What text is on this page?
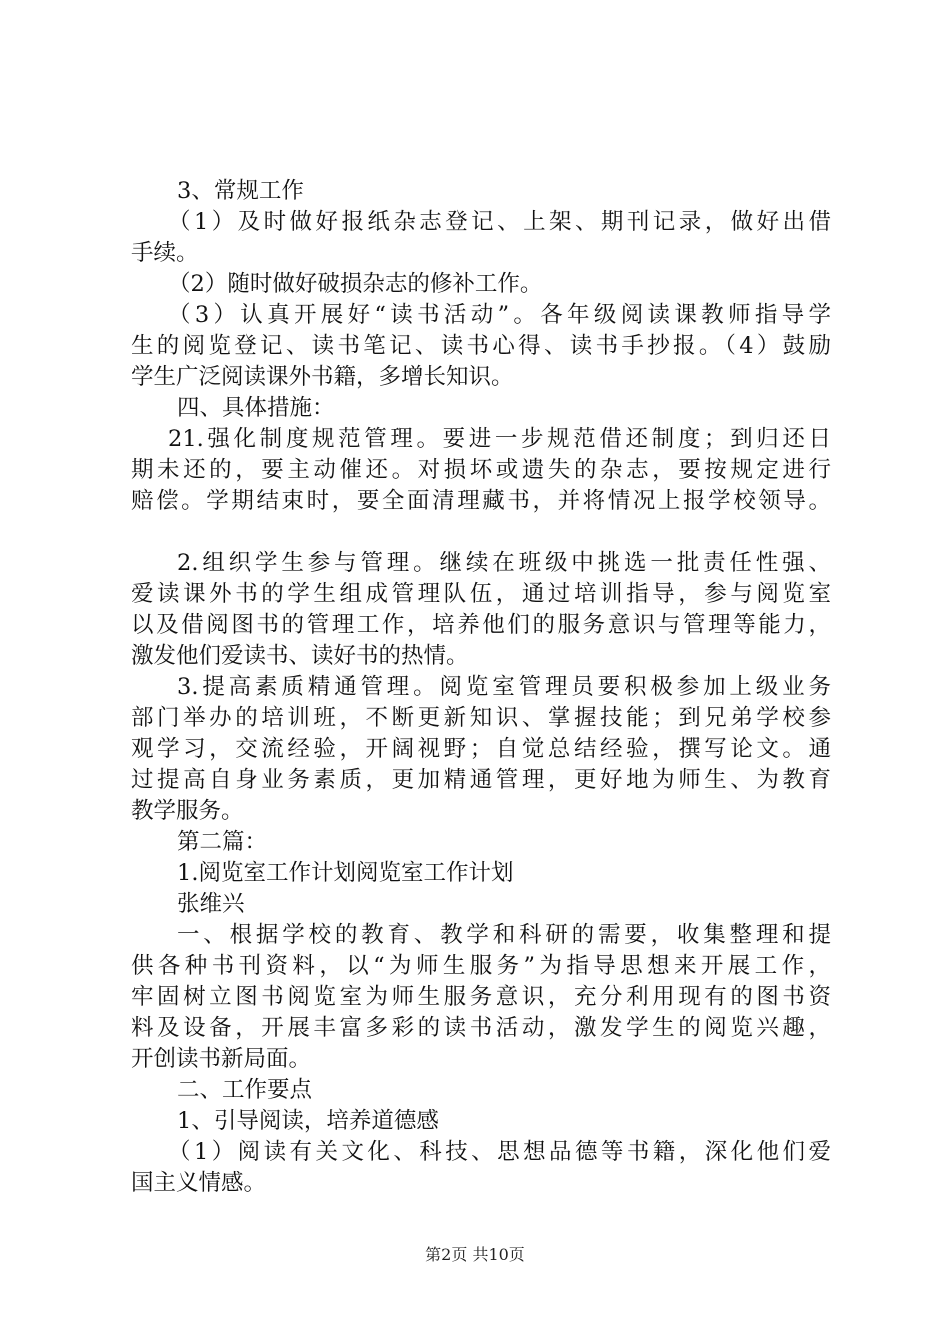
3、常规工作
（1）及时做好报纸杂志登记、上架、期刊记录，做好出借
手续。
（2）随时做好破损杂志的修补工作。
（3）认真开展好“读书活动”。各年级阅读课教师指导学
生的阅览登记、读书笔记、读书心得、读书手抄报。（4）鼓励
学生广泛阅读课外书籍，多增长知识。
四、具体措施：
21.强化制度规范管理。要进一步规范借还制度；到归还日
期未还的，要主动催还。对损坏或遗失的杂志，要按规定进行
赔偿。学期结束时，要全面清理藏书，并将情况上报学校领导。
2.组织学生参与管理。继续在班级中挑选一批责任性强、
爱读课外书的学生组成管理队伍，通过培训指导，参与阅览室
以及借阅图书的管理工作，培养他们的服务意识与管理等能力，
激发他们爱读书、读好书的热情。
3.提高素质精通管理。阅览室管理员要积极参加上级业务
部门举办的培训班，不断更新知识、掌握技能；到兄弟学校参
观学习，交流经验，开阔视野；自觉总结经验，撰写论文。通
过提高自身业务素质，更加精通管理，更好地为师生、为教育
教学服务。
第二篇：
1.阅览室工作计划阅览室工作计划
张维兴
一、根据学校的教育、教学和科研的需要，收集整理和提
供各种书刊资料，以“为师生服务”为指导思想来开展工作，
牢固树立图书阅览室为师生服务意识，充分利用现有的图书资
料及设备，开展丰富多彩的读书活动，激发学生的阅览兴趣，
开创读书新局面。
二、工作要点
1、引导阅读，培养道德感
（1）阅读有关文化、科技、思想品德等书籍，深化他们爱
国主义情感。
第2页 共10页
